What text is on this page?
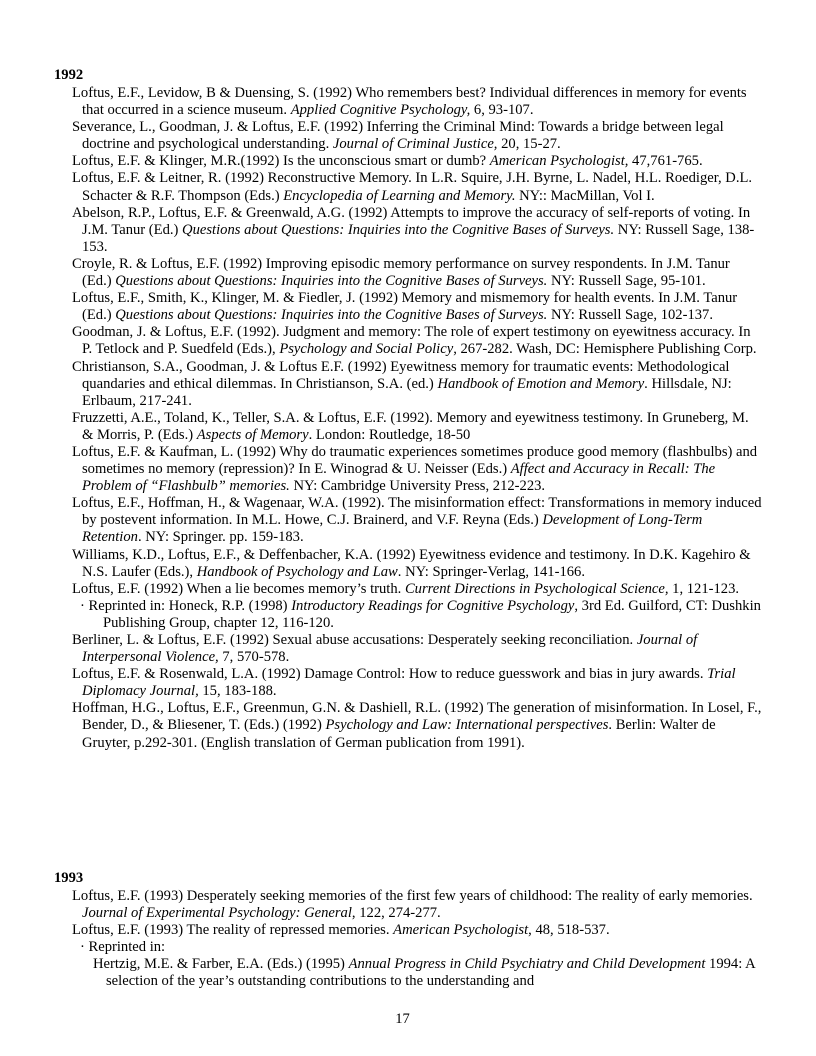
1992

Loftus, E.F., Levidow, B & Duensing, S. (1992) Who remembers best? Individual differences in memory for events that occurred in a science museum. Applied Cognitive Psychology, 6, 93-107.

Severance, L., Goodman, J. & Loftus, E.F. (1992) Inferring the Criminal Mind: Towards a bridge between legal doctrine and psychological understanding. Journal of Criminal Justice, 20, 15-27.

Loftus, E.F. & Klinger, M.R.(1992) Is the unconscious smart or dumb? American Psychologist, 47,761-765.

Loftus, E.F. & Leitner, R. (1992) Reconstructive Memory. In L.R. Squire, J.H. Byrne, L. Nadel, H.L. Roediger, D.L. Schacter & R.F. Thompson (Eds.) Encyclopedia of Learning and Memory. NY:: MacMillan, Vol I.

Abelson, R.P., Loftus, E.F. & Greenwald, A.G. (1992) Attempts to improve the accuracy of self-reports of voting. In J.M. Tanur (Ed.) Questions about Questions: Inquiries into the Cognitive Bases of Surveys. NY: Russell Sage, 138-153.

Croyle, R. & Loftus, E.F. (1992) Improving episodic memory performance on survey respondents. In J.M. Tanur (Ed.) Questions about Questions: Inquiries into the Cognitive Bases of Surveys. NY: Russell Sage, 95-101.

Loftus, E.F., Smith, K., Klinger, M. & Fiedler, J. (1992) Memory and mismemory for health events. In J.M. Tanur (Ed.) Questions about Questions: Inquiries into the Cognitive Bases of Surveys. NY: Russell Sage, 102-137.

Goodman, J. & Loftus, E.F. (1992). Judgment and memory: The role of expert testimony on eyewitness accuracy. In P. Tetlock and P. Suedfeld (Eds.), Psychology and Social Policy, 267-282. Wash, DC: Hemisphere Publishing Corp.

Christianson, S.A., Goodman, J. & Loftus E.F. (1992) Eyewitness memory for traumatic events: Methodological quandaries and ethical dilemmas. In Christianson, S.A. (ed.) Handbook of Emotion and Memory. Hillsdale, NJ: Erlbaum, 217-241.

Fruzzetti, A.E., Toland, K., Teller, S.A. & Loftus, E.F. (1992). Memory and eyewitness testimony. In Gruneberg, M. & Morris, P. (Eds.) Aspects of Memory. London: Routledge, 18-50

Loftus, E.F. & Kaufman, L. (1992) Why do traumatic experiences sometimes produce good memory (flashbulbs) and sometimes no memory (repression)? In E. Winograd & U. Neisser (Eds.) Affect and Accuracy in Recall: The Problem of “Flashbulb” memories. NY: Cambridge University Press, 212-223.

Loftus, E.F., Hoffman, H., & Wagenaar, W.A. (1992). The misinformation effect: Transformations in memory induced by postevent information. In M.L. Howe, C.J. Brainerd, and V.F. Reyna (Eds.) Development of Long-Term Retention. NY: Springer. pp. 159-183.

Williams, K.D., Loftus, E.F., & Deffenbacher, K.A. (1992) Eyewitness evidence and testimony. In D.K. Kagehiro & N.S. Laufer (Eds.), Handbook of Psychology and Law. NY: Springer-Verlag, 141-166.

Loftus, E.F. (1992) When a lie becomes memory’s truth. Current Directions in Psychological Science, 1, 121-123.

· Reprinted in: Honeck, R.P. (1998) Introductory Readings for Cognitive Psychology, 3rd Ed. Guilford, CT: Dushkin Publishing Group, chapter 12, 116-120.

Berliner, L. & Loftus, E.F. (1992) Sexual abuse accusations: Desperately seeking reconciliation. Journal of Interpersonal Violence, 7, 570-578.

Loftus, E.F. & Rosenwald, L.A. (1992) Damage Control: How to reduce guesswork and bias in jury awards. Trial Diplomacy Journal, 15, 183-188.

Hoffman, H.G., Loftus, E.F., Greenmun, G.N. & Dashiell, R.L. (1992) The generation of misinformation. In Losel, F., Bender, D., & Bliesener, T. (Eds.) (1992) Psychology and Law: International perspectives. Berlin: Walter de Gruyter, p.292-301. (English translation of German publication from 1991).

1993

Loftus, E.F. (1993) Desperately seeking memories of the first few years of childhood: The reality of early memories. Journal of Experimental Psychology: General, 122, 274-277.

Loftus, E.F. (1993) The reality of repressed memories. American Psychologist, 48, 518-537.

· Reprinted in:

Hertzig, M.E. & Farber, E.A. (Eds.) (1995) Annual Progress in Child Psychiatry and Child Development 1994: A selection of the year’s outstanding contributions to the understanding and

17
